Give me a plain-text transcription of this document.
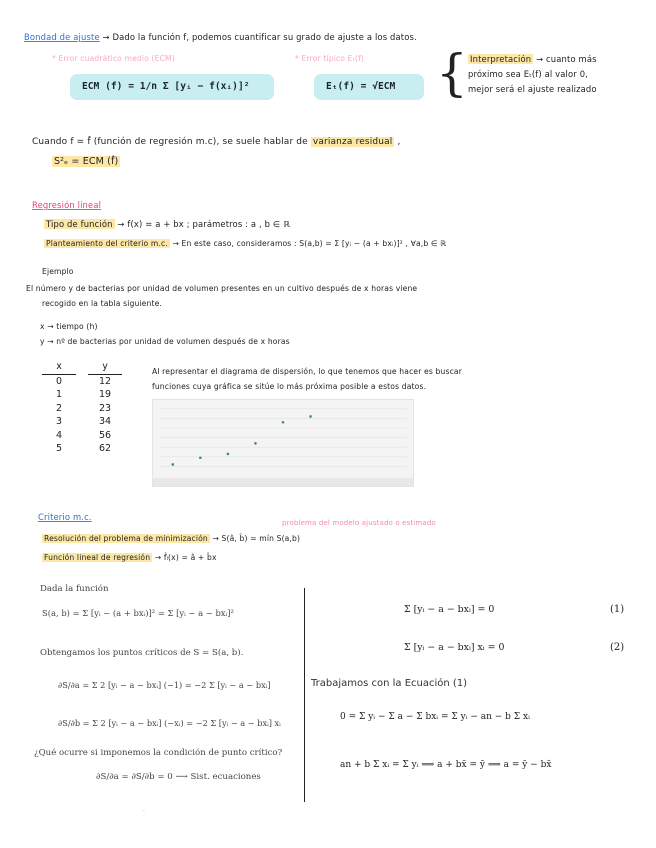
Bondad de ajuste → Dado la función f, podemos cuantificar su grado de ajuste a los datos.
* Error cuadrático medio (ECM)	* Error típico Eₜ(f)
ECM (f) = 1/n Σ [yᵢ − f(xᵢ)]²	Eₜ(f) = √ECM { Interpretación → cuanto más
próximo sea Eₜ(f) al valor 0,
mejor será el ajuste realizado
Cuando f = f̂ (función de regresión m.c), se suele hablar de varianza residual ,
S²ₑ = ECM (f̂)
Regresión lineal
Tipo de función → f(x) = a + bx ; parámetros : a , b ∈ ℝ
Planteamiento del criterio m.c. → En este caso, consideramos : S(a,b) = Σ [yᵢ − (a + bxᵢ)]² , ∀a,b ∈ ℝ
Ejemplo
El número y de bacterias por unidad de volumen presentes en un cultivo después de x horas viene
recogido en la tabla siguiente.
x → tiempo (h)
y → nº de bacterias por unidad de volumen después de x horas
x		y
0		12
1		19
2		23
3		34
4		56
5		62
Al representar el diagrama de dispersión, lo que tenemos que hacer es buscar
funciones cuya gráfica se sitúe lo más próxima posible a estos datos.
Criterio m.c.
problema del modelo ajustado o estimado
Resolución del problema de minimización → S(â, b̂) = mín S(a,b)
Función lineal de regresión → f̂ₗ(x) = â + b̂x
Dada la función
S(a, b) = Σ [yᵢ − (a + bxᵢ)]² = Σ [yᵢ − a − bxᵢ]²
Obtengamos los puntos críticos de S = S(a, b).
∂S/∂a = Σ 2 [yᵢ − a − bxᵢ] (−1) = −2 Σ [yᵢ − a − bxᵢ]
∂S/∂b = Σ 2 [yᵢ − a − bxᵢ] (−xᵢ) = −2 Σ [yᵢ − a − bxᵢ] xᵢ
¿Qué ocurre si imponemos la condición de punto crítico?
∂S/∂a = ∂S/∂b = 0 ⟶ Sist. ecuaciones
Σ [yᵢ − a − bxᵢ] = 0	(1)
Σ [yᵢ − a − bxᵢ] xᵢ = 0	(2)
Trabajamos con la Ecuación (1)
0 = Σ yᵢ − Σ a − Σ bxᵢ = Σ yᵢ − an − b Σ xᵢ
an + b Σ xᵢ = Σ yᵢ ⟹ a + bx̄ = ȳ ⟹ a = ȳ − bx̄
.
